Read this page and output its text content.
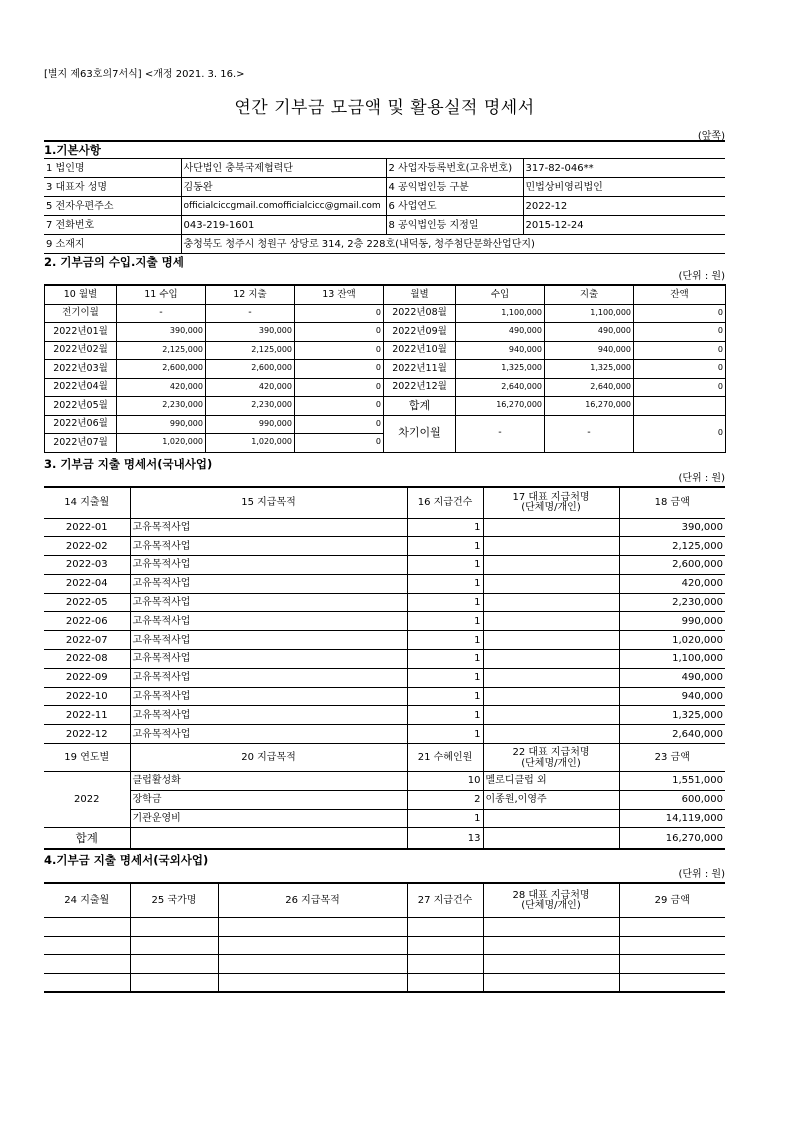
[별지 제63호의7서식] <개정 2021. 3. 16.>
연간 기부금 모금액 및 활용실적 명세서
(앞쪽)
1.기본사항
1 법인명	사단법인 충북국제협력단	2 사업자등록번호(고유번호)	317-82-046**
3 대표자 성명	김동완	4 공익법인등 구분	민법상비영리법인
5 전자우편주소	officialciccgmail.comofficialcicc@gmail.com	6 사업연도	2022-12
7 전화번호	043-219-1601	8 공익법인등 지정일	2015-12-24
9 소재지	충청북도 청주시 청원구 상당로 314, 2층 228호(내덕동, 청주첨단문화산업단지)		
2. 기부금의 수입.지출 명세
(단위 : 원)
10 월별	11 수입	12 지출	13 잔액	월별	수입	지출	잔액
전기이월	-	-	0	2022년08월	1,100,000	1,100,000	0
2022년01월	390,000	390,000	0	2022년09월	490,000	490,000	0
2022년02월	2,125,000	2,125,000	0	2022년10월	940,000	940,000	0
2022년03월	2,600,000	2,600,000	0	2022년11월	1,325,000	1,325,000	0
2022년04월	420,000	420,000	0	2022년12월	2,640,000	2,640,000	0
2022년05월	2,230,000	2,230,000	0	합계	16,270,000	16,270,000	
2022년06월	990,000	990,000	0	차기이월	-	-	0
2022년07월	1,020,000	1,020,000	0				
3. 기부금 지출 명세서(국내사업)
(단위 : 원)
14 지출월	15 지급목적	16 지급건수	17 대표 지급처명
(단체명/개인)	18 금액
2022-01	고유목적사업	1		390,000
2022-02	고유목적사업	1		2,125,000
2022-03	고유목적사업	1		2,600,000
2022-04	고유목적사업	1		420,000
2022-05	고유목적사업	1		2,230,000
2022-06	고유목적사업	1		990,000
2022-07	고유목적사업	1		1,020,000
2022-08	고유목적사업	1		1,100,000
2022-09	고유목적사업	1		490,000
2022-10	고유목적사업	1		940,000
2022-11	고유목적사업	1		1,325,000
2022-12	고유목적사업	1		2,640,000
19 연도별	20 지급목적	21 수혜인원	22 대표 지급처명
(단체명/개인)	23 금액
2022	클럽활성화	10	멜로디클럽 외	1,551,000
	장학금	2	이종원,이영주	600,000
	기관운영비	1		14,119,000
합계		13		16,270,000
4.기부금 지출 명세서(국외사업)
(단위 : 원)
24 지출월	25 국가명	26 지급목적	27 지급건수	28 대표 지급처명
(단체명/개인)	29 금액
